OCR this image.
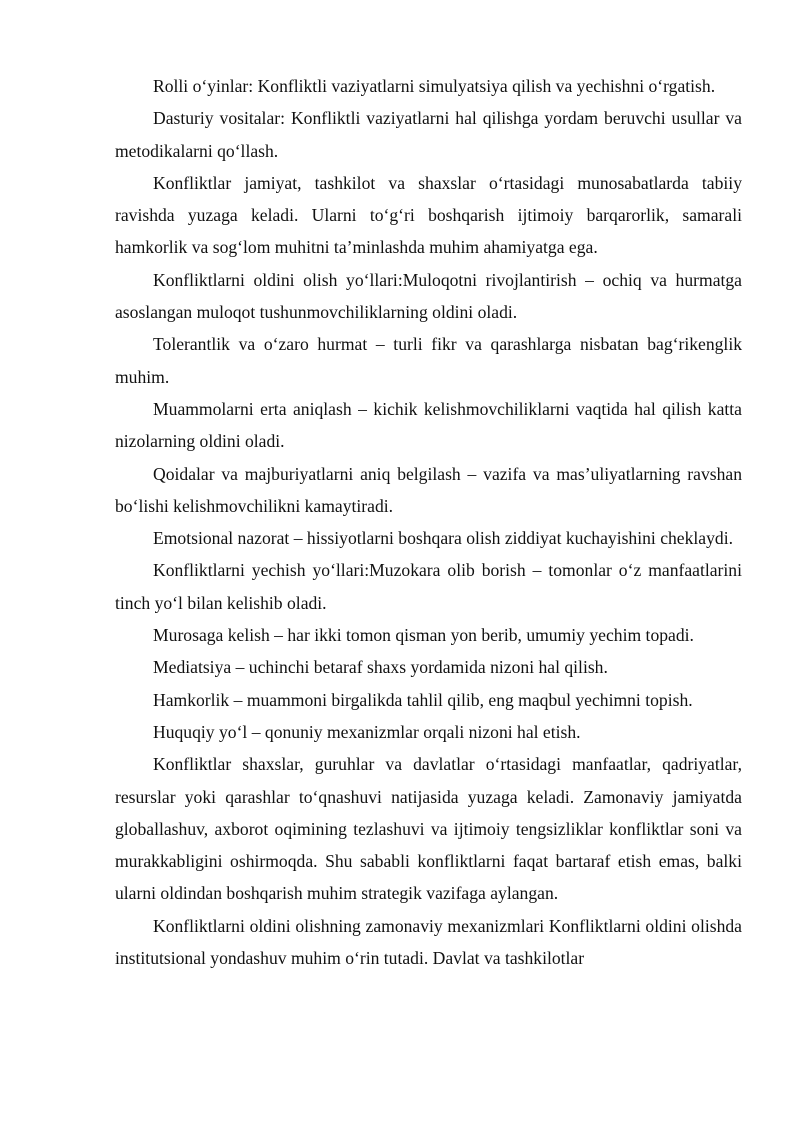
Rolli o‘yinlar: Konfliktli vaziyatlarni simulyatsiya qilish va yechishni o‘rgatish.

Dasturiy vositalar: Konfliktli vaziyatlarni hal qilishga yordam beruvchi usullar va metodikalarni qo‘llash.

Konfliktlar jamiyat, tashkilot va shaxslar o‘rtasidagi munosabatlarda tabiiy ravishda yuzaga keladi. Ularni to‘g‘ri boshqarish ijtimoiy barqarorlik, samarali hamkorlik va sog‘lom muhitni ta’minlashda muhim ahamiyatga ega.

Konfliktlarni oldini olish yo‘llari:Muloqotni rivojlantirish – ochiq va hurmatga asoslangan muloqot tushunmovchiliklarning oldini oladi.

Tolerantlik va o‘zaro hurmat – turli fikr va qarashlarga nisbatan bag‘rikenglik muhim.

Muammolarni erta aniqlash – kichik kelishmovchiliklarni vaqtida hal qilish katta nizolarning oldini oladi.

Qoidalar va majburiyatlarni aniq belgilash – vazifa va mas’uliyatlarning ravshan bo‘lishi kelishmovchilikni kamaytiradi.

Emotsional nazorat – hissiyotlarni boshqara olish ziddiyat kuchayishini cheklaydi.

Konfliktlarni yechish yo‘llari:Muzokara olib borish – tomonlar o‘z manfaatlarini tinch yo‘l bilan kelishib oladi.

Murosaga kelish – har ikki tomon qisman yon berib, umumiy yechim topadi.

Mediatsiya – uchinchi betaraf shaxs yordamida nizoni hal qilish.

Hamkorlik – muammoni birgalikda tahlil qilib, eng maqbul yechimni topish.

Huquqiy yo‘l – qonuniy mexanizmlar orqali nizoni hal etish.

Konfliktlar shaxslar, guruhlar va davlatlar o‘rtasidagi manfaatlar, qadriyatlar, resurslar yoki qarashlar to‘qnashuvi natijasida yuzaga keladi. Zamonaviy jamiyatda globallashuv, axborot oqimining tezlashuvi va ijtimoiy tengsizliklar konfliktlar soni va murakkabligini oshirmoqda. Shu sababli konfliktlarni faqat bartaraf etish emas, balki ularni oldindan boshqarish muhim strategik vazifaga aylangan.

Konfliktlarni oldini olishning zamonaviy mexanizmlari Konfliktlarni oldini olishda institutsional yondashuv muhim o‘rin tutadi. Davlat va tashkilotlar
